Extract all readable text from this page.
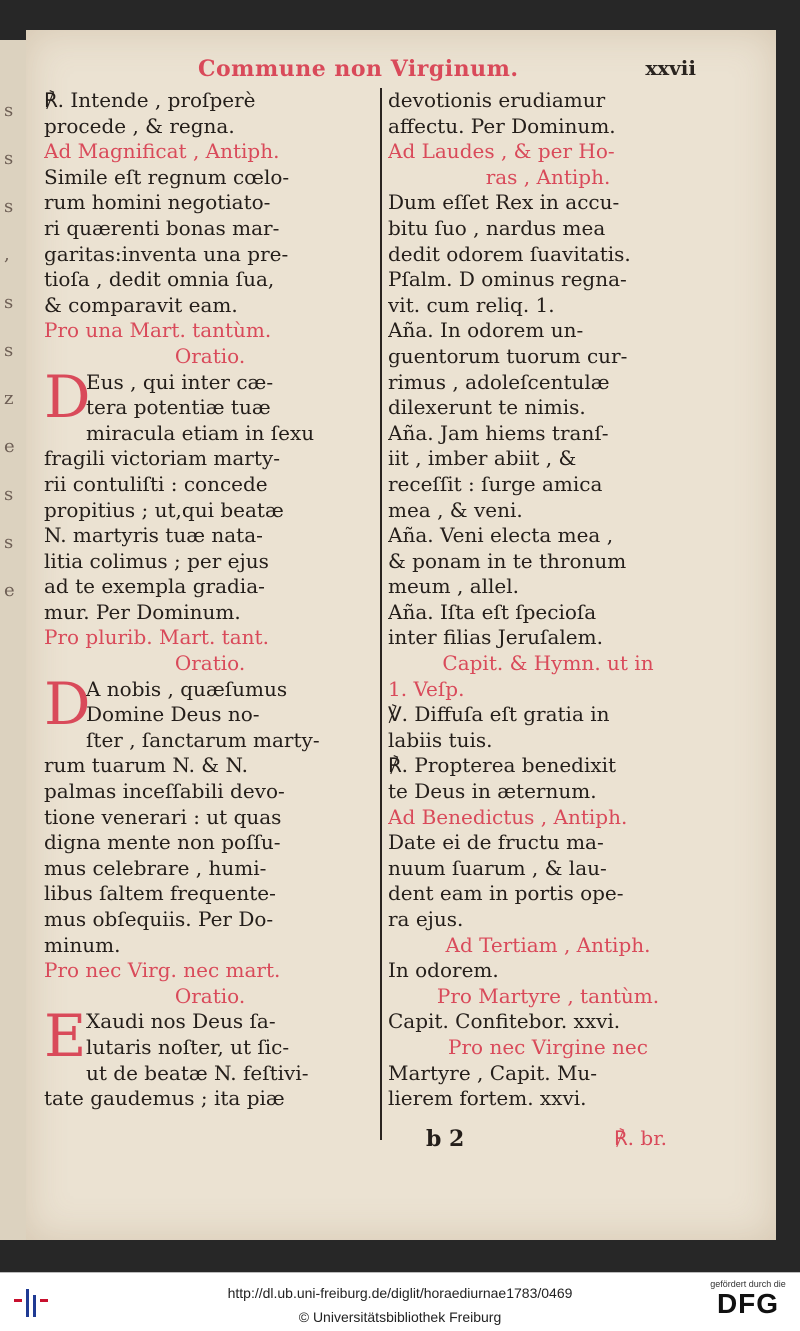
s
s
s
,
s
s
z
e
s
s
e
Commune non Virginum.	xxvii
℟. Intende , proſperè
procede , & regna.
Ad Magnificat , Antiph.
Simile eſt regnum cœlo-
rum homini negotiato-
ri quærenti bonas mar-
garitas:inventa una pre-
tioſa , dedit omnia ſua,
& comparavit eam.
Pro una Mart. tantùm.
Oratio.
D
Eus , qui inter cæ-
tera potentiæ tuæ
miracula etiam in ſexu
fragili victoriam marty-
rii contuliſti : concede
propitius ; ut,qui beatæ
N. martyris tuæ nata-
litia colimus ; per ejus
ad te exempla gradia-
mur. Per Dominum.
Pro plurib. Mart. tant.
Oratio.
D
A nobis , quæſumus
Domine Deus no-
ſter , ſanctarum marty-
rum tuarum N. & N.
palmas inceſſabili devo-
tione venerari : ut quas
digna mente non poſſu-
mus celebrare , humi-
libus ſaltem frequente-
mus obſequiis. Per Do-
minum.
Pro nec Virg. nec mart.
Oratio.
E Xaudi nos Deus ſa-
lutaris noſter, ut ſic-
ut de beatæ N. feſtivi-
tate gaudemus ; ita piæ
devotionis erudiamur
affectu. Per Dominum.
Ad Laudes , & per Ho-
ras , Antiph.
Dum eſſet Rex in accu-
bitu ſuo , nardus mea
dedit odorem ſuavitatis.
Pſalm. D ominus regna-
vit. cum reliq. 1.
Aña. In odorem un-
guentorum tuorum cur-
rimus , adoleſcentulæ
dilexerunt te nimis.
Aña. Jam hiems tranſ-
iit , imber abiit , &
receſſit : ſurge amica
mea , & veni.
Aña. Veni electa mea ,
& ponam in te thronum
meum , allel.
Aña. Iſta eſt ſpecioſa
inter filias Jeruſalem.
Capit. & Hymn. ut in
1. Veſp.
℣. Diffuſa eſt gratia in
labiis tuis.
℟. Propterea benedixit
te Deus in æternum.
Ad Benedictus , Antiph.
Date ei de fructu ma-
nuum ſuarum , & lau-
dent eam in portis ope-
ra ejus.
Ad Tertiam , Antiph.
In odorem.
Pro Martyre , tantùm.
Capit. Confitebor. xxvi.
Pro nec Virgine nec
Martyre , Capit. Mu-
lierem fortem. xxvi.
b 2	℟. br.
http://dl.ub.uni-freiburg.de/diglit/horaediurnae1783/0469
© Universitätsbibliothek Freiburg
gefördert durch die
DFG
